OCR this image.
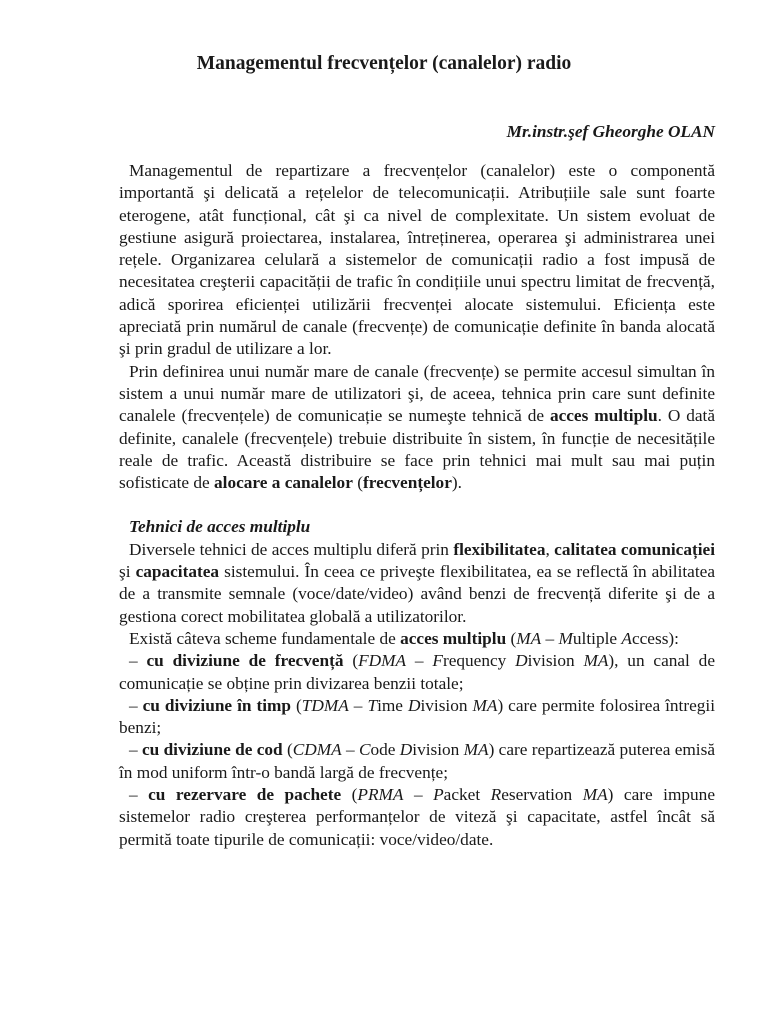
Managementul frecvențelor (canalelor) radio

Mr.instr.şef Gheorghe OLAN

Managementul de repartizare a frecvențelor (canalelor) este o componentă importantă şi delicată a rețelelor de telecomunicații. Atribuțiile sale sunt foarte eterogene, atât funcțional, cât şi ca nivel de complexitate. Un sistem evoluat de gestiune asigură proiectarea, instalarea, întreținerea, operarea şi administrarea unei rețele. Organizarea celulară a sistemelor de comunicații radio a fost impusă de necesitatea creşterii capacității de trafic în condițiile unui spectru limitat de frecvență, adică sporirea eficienței utilizării frecvenței alocate sistemului. Eficiența este apreciată prin numărul de canale (frecvențe) de comunicație definite în banda alocată şi prin gradul de utilizare a lor.

Prin definirea unui număr mare de canale (frecvențe) se permite accesul simultan în sistem a unui număr mare de utilizatori şi, de aceea, tehnica prin care sunt definite canalele (frecvențele) de comunicație se numeşte tehnică de acces multiplu. O dată definite, canalele (frecvențele) trebuie distribuite în sistem, în funcție de necesitățile reale de trafic. Această distribuire se face prin tehnici mai mult sau mai puțin sofisticate de alocare a canalelor (frecvențelor).

Tehnici de acces multiplu

Diversele tehnici de acces multiplu diferă prin flexibilitatea, calitatea comunicației şi capacitatea sistemului. În ceea ce priveşte flexibilitatea, ea se reflectă în abilitatea de a transmite semnale (voce/date/video) având benzi de frecvență diferite şi de a gestiona corect mobilitatea globală a utilizatorilor.

Există câteva scheme fundamentale de acces multiplu (MA – Multiple Access):

– cu diviziune de frecvență (FDMA – Frequency Division MA), un canal de comunicație se obține prin divizarea benzii totale;

– cu diviziune în timp (TDMA – Time Division MA) care permite folosirea întregii benzi;

– cu diviziune de cod (CDMA – Code Division MA) care repartizează puterea emisă în mod uniform într-o bandă largă de frecvențe;

– cu rezervare de pachete (PRMA – Packet Reservation MA) care impune sistemelor radio creşterea performanțelor de viteză şi capacitate, astfel încât să permită toate tipurile de comunicații: voce/video/date.
